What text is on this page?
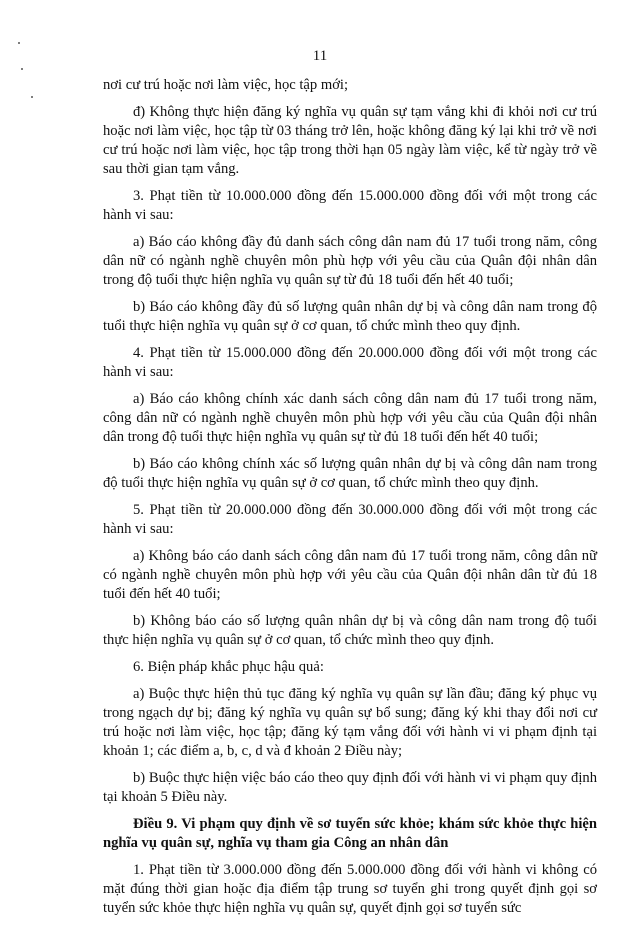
11

nơi cư trú hoặc nơi làm việc, học tập mới;

đ) Không thực hiện đăng ký nghĩa vụ quân sự tạm vắng khi đi khỏi nơi cư trú hoặc nơi làm việc, học tập từ 03 tháng trở lên, hoặc không đăng ký lại khi trở về nơi cư trú hoặc nơi làm việc, học tập trong thời hạn 05 ngày làm việc, kể từ ngày trở về sau thời gian tạm vắng.

3. Phạt tiền từ 10.000.000 đồng đến 15.000.000 đồng đối với một trong các hành vi sau:

a) Báo cáo không đầy đủ danh sách công dân nam đủ 17 tuổi trong năm, công dân nữ có ngành nghề chuyên môn phù hợp với yêu cầu của Quân đội nhân dân trong độ tuổi thực hiện nghĩa vụ quân sự từ đủ 18 tuổi đến hết 40 tuổi;

b) Báo cáo không đầy đủ số lượng quân nhân dự bị và công dân nam trong độ tuổi thực hiện nghĩa vụ quân sự ở cơ quan, tổ chức mình theo quy định.

4. Phạt tiền từ 15.000.000 đồng đến 20.000.000 đồng đối với một trong các hành vi sau:

a) Báo cáo không chính xác danh sách công dân nam đủ 17 tuổi trong năm, công dân nữ có ngành nghề chuyên môn phù hợp với yêu cầu của Quân đội nhân dân trong độ tuổi thực hiện nghĩa vụ quân sự từ đủ 18 tuổi đến hết 40 tuổi;

b) Báo cáo không chính xác số lượng quân nhân dự bị và công dân nam trong độ tuổi thực hiện nghĩa vụ quân sự ở cơ quan, tổ chức mình theo quy định.

5. Phạt tiền từ 20.000.000 đồng đến 30.000.000 đồng đối với một trong các hành vi sau:

a) Không báo cáo danh sách công dân nam đủ 17 tuổi trong năm, công dân nữ có ngành nghề chuyên môn phù hợp với yêu cầu của Quân đội nhân dân từ đủ 18 tuổi đến hết 40 tuổi;

b) Không báo cáo số lượng quân nhân dự bị và công dân nam trong độ tuổi thực hiện nghĩa vụ quân sự ở cơ quan, tổ chức mình theo quy định.

6. Biện pháp khắc phục hậu quả:

a) Buộc thực hiện thủ tục đăng ký nghĩa vụ quân sự lần đầu; đăng ký phục vụ trong ngạch dự bị; đăng ký nghĩa vụ quân sự bổ sung; đăng ký khi thay đổi nơi cư trú hoặc nơi làm việc, học tập; đăng ký tạm vắng đối với hành vi vi phạm định tại khoản 1; các điểm a, b, c, d và đ khoản 2 Điều này;

b) Buộc thực hiện việc báo cáo theo quy định đối với hành vi vi phạm quy định tại khoản 5 Điều này.

Điều 9. Vi phạm quy định về sơ tuyển sức khỏe; khám sức khỏe thực hiện nghĩa vụ quân sự, nghĩa vụ tham gia Công an nhân dân

1. Phạt tiền từ 3.000.000 đồng đến 5.000.000 đồng đối với hành vi không có mặt đúng thời gian hoặc địa điểm tập trung sơ tuyển ghi trong quyết định gọi sơ tuyển sức khỏe thực hiện nghĩa vụ quân sự, quyết định gọi sơ tuyển sức
